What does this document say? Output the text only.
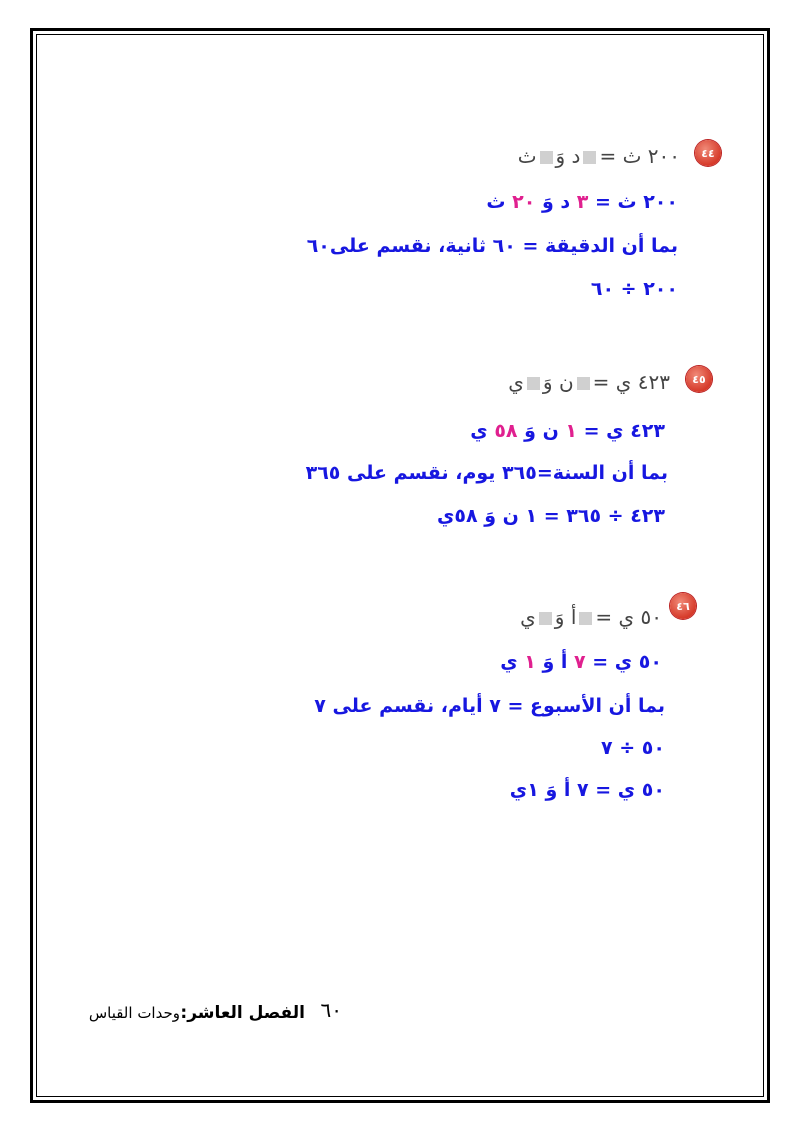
٤٤
٢٠٠ ث =د وَث
٢٠٠ ث = ٣ د وَ ٢٠ ث
بما أن الدقيقة = ٦٠ ثانية، نقسم على٦٠
٢٠٠ ÷ ٦٠
٤٥
٤٢٣ ي =ن وَي
٤٢٣ ي = ١ ن وَ ٥٨ ي
بما أن السنة=٣٦٥ يوم، نقسم على ٣٦٥
٤٢٣ ÷ ٣٦٥ = ١ ن وَ ٥٨ي
٤٦
٥٠ ي =أ وَي
٥٠ ي = ٧ أ وَ ١ ي
بما أن الأسبوع = ٧ أيام، نقسم على ٧
٥٠ ÷ ٧
٥٠ ي = ٧ أ وَ ١ي
٦٠
الفصل العاشر:
وحدات القياس
